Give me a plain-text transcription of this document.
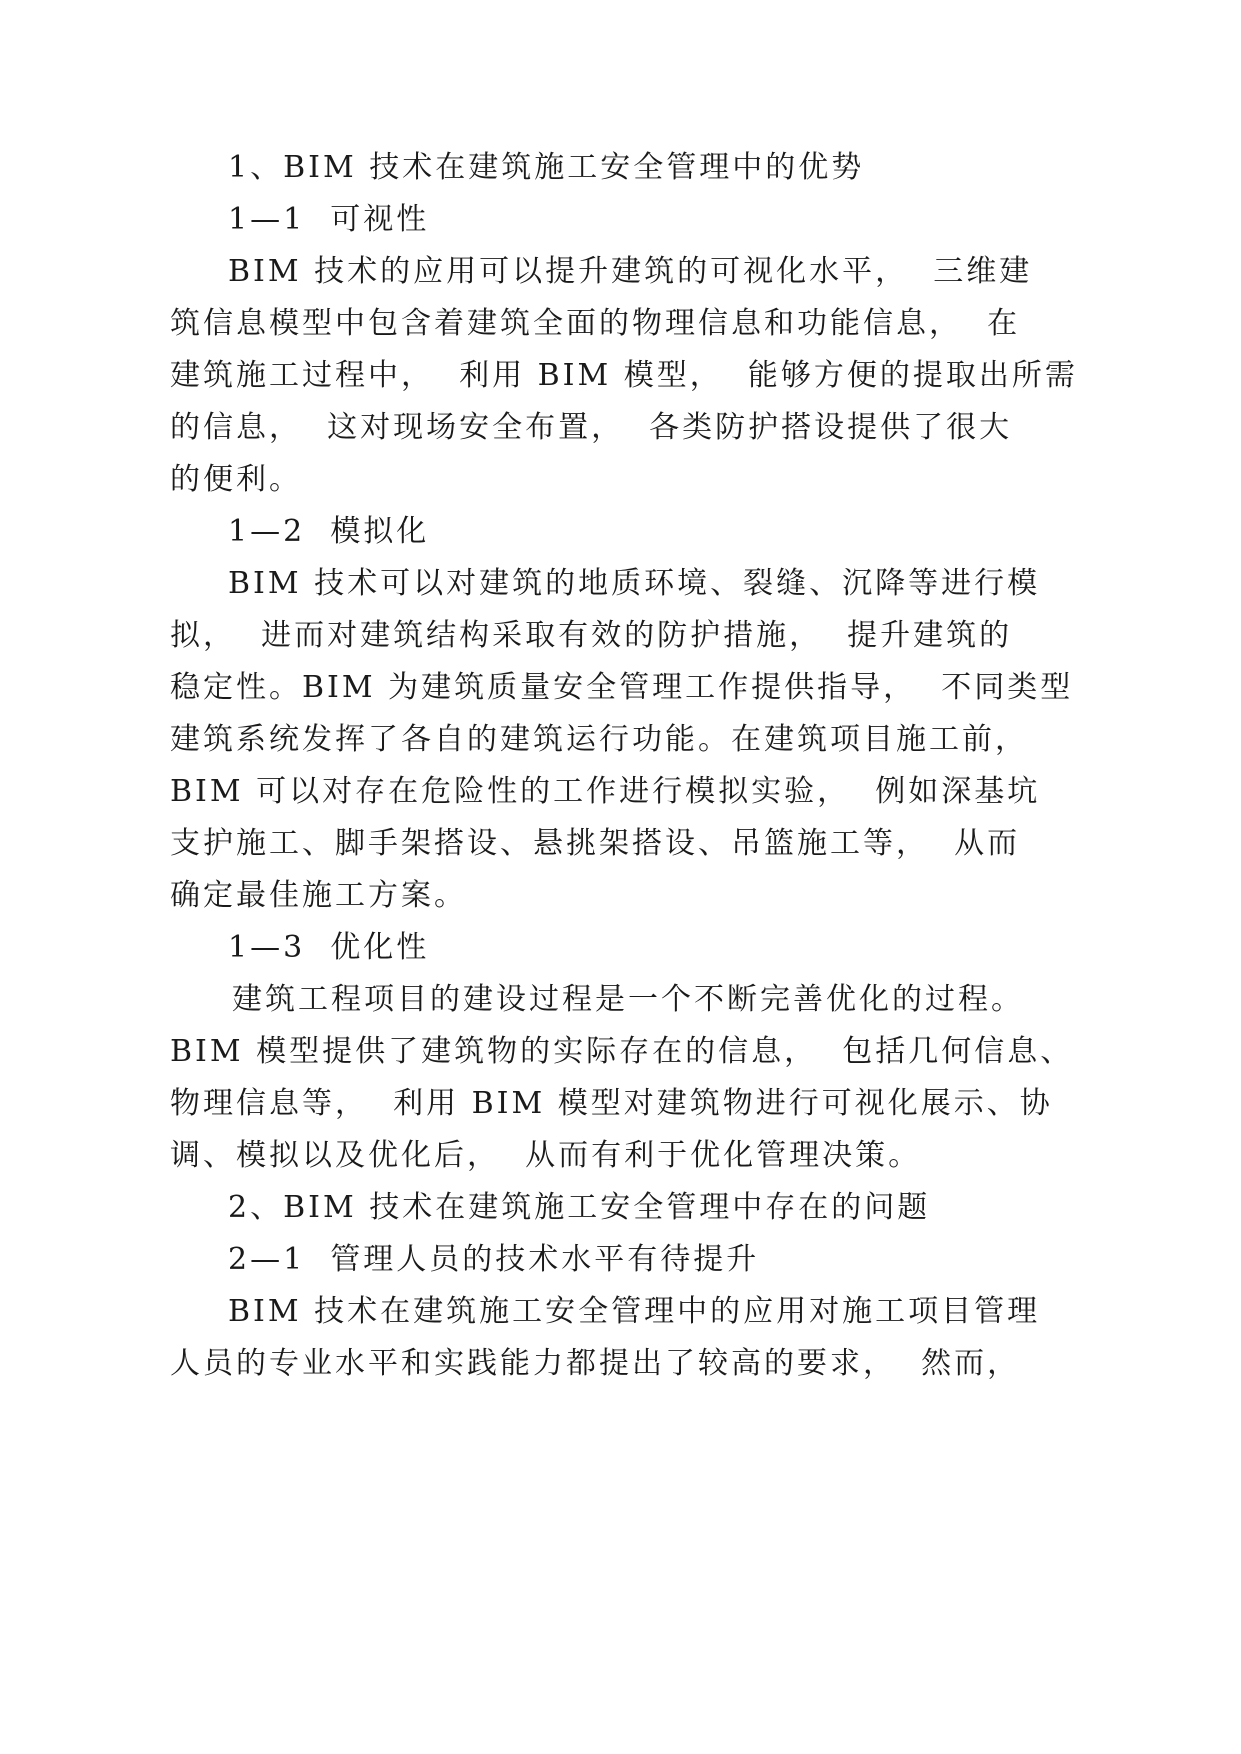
1、BIM 技术在建筑施工安全管理中的优势
1—1  可视性
BIM 技术的应用可以提升建筑的可视化水平，  三维建
筑信息模型中包含着建筑全面的物理信息和功能信息，  在
建筑施工过程中，  利用 BIM 模型，  能够方便的提取出所需
的信息，  这对现场安全布置，  各类防护搭设提供了很大
的便利。
1—2  模拟化
BIM 技术可以对建筑的地质环境、裂缝、沉降等进行模
拟，  进而对建筑结构采取有效的防护措施，  提升建筑的
稳定性。BIM 为建筑质量安全管理工作提供指导，  不同类型
建筑系统发挥了各自的建筑运行功能。在建筑项目施工前，
BIM 可以对存在危险性的工作进行模拟实验，  例如深基坑
支护施工、脚手架搭设、悬挑架搭设、吊篮施工等，  从而
确定最佳施工方案。
1—3  优化性
建筑工程项目的建设过程是一个不断完善优化的过程。
BIM 模型提供了建筑物的实际存在的信息，  包括几何信息、
物理信息等，  利用 BIM 模型对建筑物进行可视化展示、协
调、模拟以及优化后，  从而有利于优化管理决策。
2、BIM 技术在建筑施工安全管理中存在的问题
2—1  管理人员的技术水平有待提升
BIM 技术在建筑施工安全管理中的应用对施工项目管理
人员的专业水平和实践能力都提出了较高的要求，  然而，
